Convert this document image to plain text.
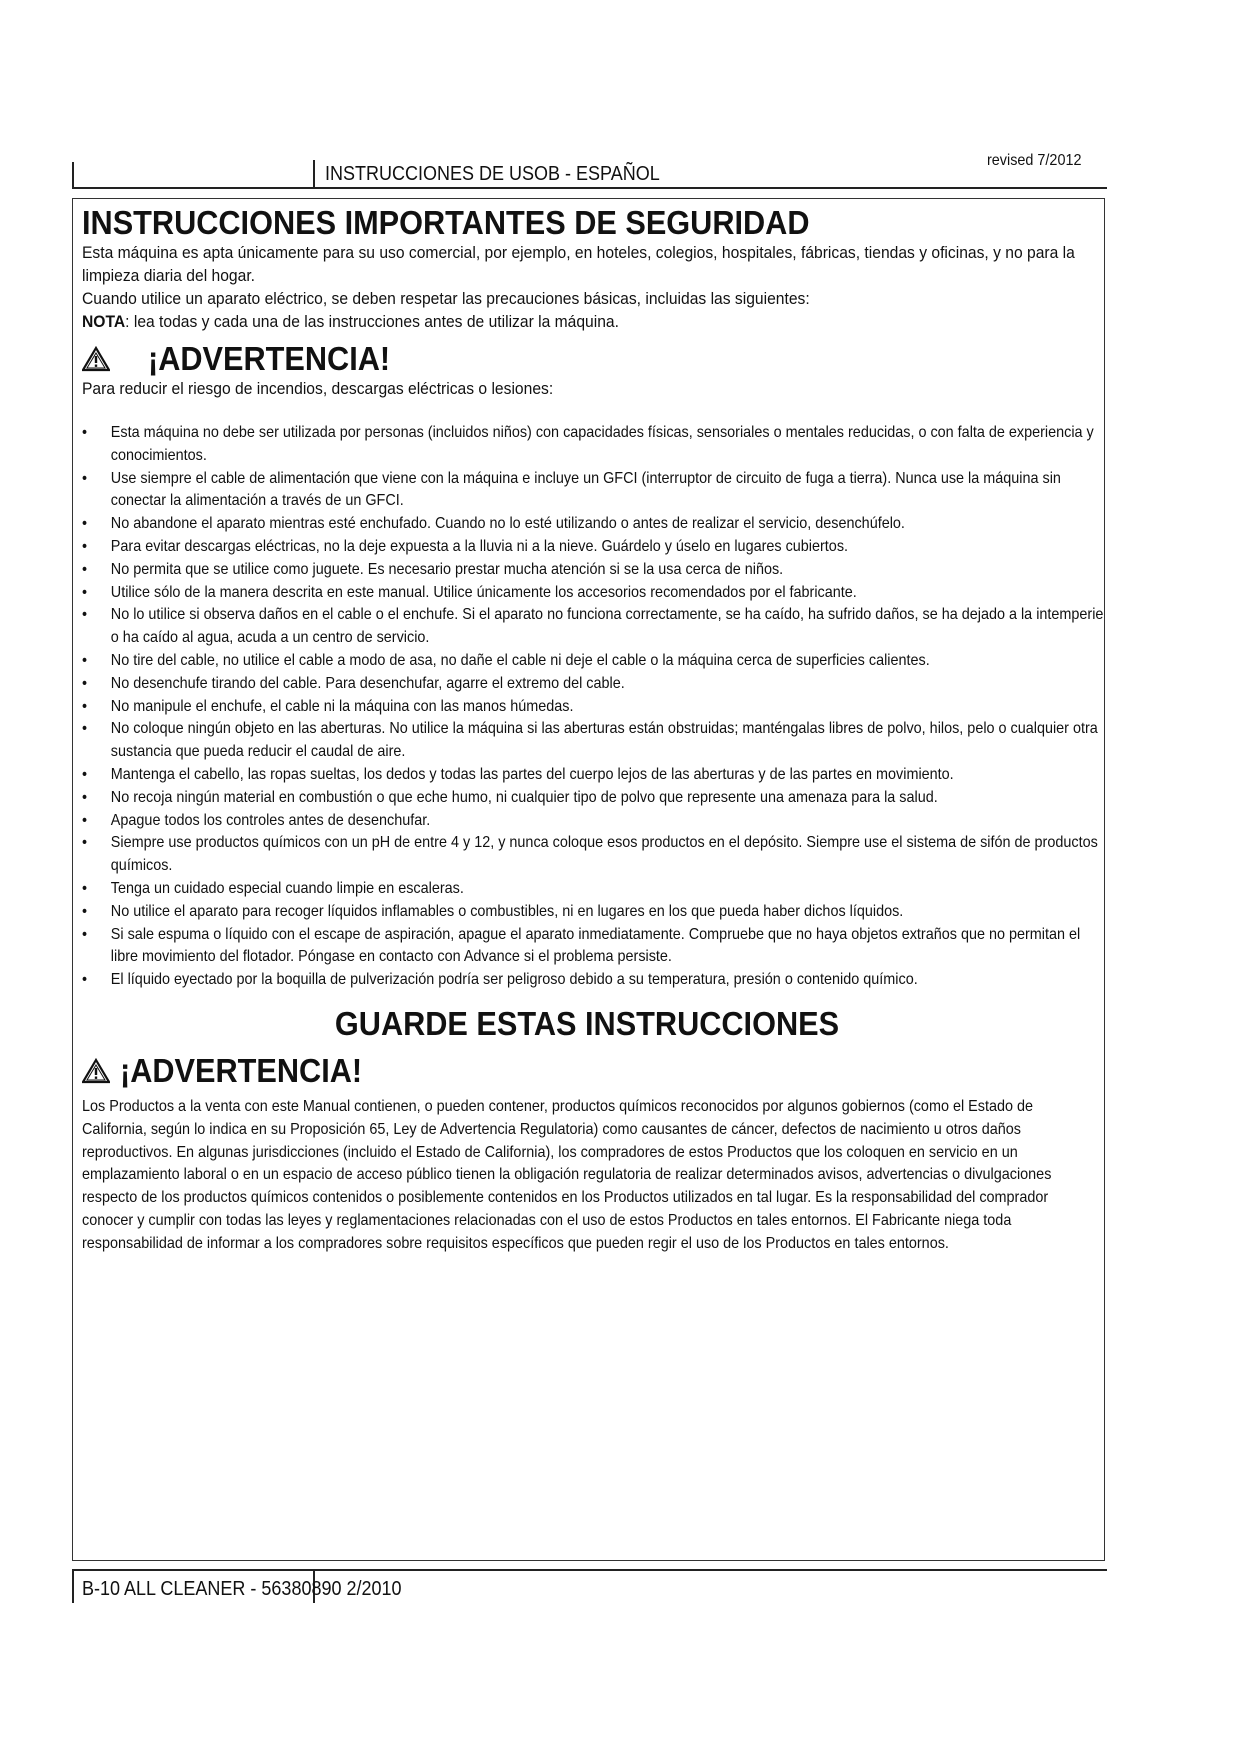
INSTRUCCIONES DE USOB - ESPAÑOL
revised 7/2012
INSTRUCCIONES IMPORTANTES DE SEGURIDAD

Esta máquina es apta únicamente para su uso comercial, por ejemplo, en hoteles, colegios, hospitales, fábricas, tiendas y oficinas, y no para la limpieza diaria del hogar.

Cuando utilice un aparato eléctrico, se deben respetar las precauciones básicas, incluidas las siguientes:

NOTA: lea todas y cada una de las instrucciones antes de utilizar la máquina.

¡ADVERTENCIA!

Para reducir el riesgo de incendios, descargas eléctricas o lesiones:

• Esta máquina no debe ser utilizada por personas (incluidos niños) con capacidades físicas, sensoriales o mentales reducidas, o con falta de experiencia y conocimientos.
• Use siempre el cable de alimentación que viene con la máquina e incluye un GFCI (interruptor de circuito de fuga a tierra). Nunca use la máquina sin conectar la alimentación a través de un GFCI.
• No abandone el aparato mientras esté enchufado. Cuando no lo esté utilizando o antes de realizar el servicio, desenchúfelo.
• Para evitar descargas eléctricas, no la deje expuesta a la lluvia ni a la nieve. Guárdelo y úselo en lugares cubiertos.
• No permita que se utilice como juguete. Es necesario prestar mucha atención si se la usa cerca de niños.
• Utilice sólo de la manera descrita en este manual. Utilice únicamente los accesorios recomendados por el fabricante.
• No lo utilice si observa daños en el cable o el enchufe. Si el aparato no funciona correctamente, se ha caído, ha sufrido daños, se ha dejado a la intemperie o ha caído al agua, acuda a un centro de servicio.
• No tire del cable, no utilice el cable a modo de asa, no dañe el cable ni deje el cable o la máquina cerca de superficies calientes.
• No desenchufe tirando del cable. Para desenchufar, agarre el extremo del cable.
• No manipule el enchufe, el cable ni la máquina con las manos húmedas.
• No coloque ningún objeto en las aberturas. No utilice la máquina si las aberturas están obstruidas; manténgalas libres de polvo, hilos, pelo o cualquier otra sustancia que pueda reducir el caudal de aire.
• Mantenga el cabello, las ropas sueltas, los dedos y todas las partes del cuerpo lejos de las aberturas y de las partes en movimiento.
• No recoja ningún material en combustión o que eche humo, ni cualquier tipo de polvo que represente una amenaza para la salud.
• Apague todos los controles antes de desenchufar.
• Siempre use productos químicos con un pH de entre 4 y 12, y nunca coloque esos productos en el depósito. Siempre use el sistema de sifón de productos químicos.
• Tenga un cuidado especial cuando limpie en escaleras.
• No utilice el aparato para recoger líquidos inflamables o combustibles, ni en lugares en los que pueda haber dichos líquidos.
• Si sale espuma o líquido con el escape de aspiración, apague el aparato inmediatamente. Compruebe que no haya objetos extraños que no permitan el libre movimiento del flotador. Póngase en contacto con Advance si el problema persiste.
• El líquido eyectado por la boquilla de pulverización podría ser peligroso debido a su temperatura, presión o contenido químico.
GUARDE ESTAS INSTRUCCIONES
¡ADVERTENCIA!

Los Productos a la venta con este Manual contienen, o pueden contener, productos químicos reconocidos por algunos gobiernos (como el Estado de California, según lo indica en su Proposición 65, Ley de Advertencia Regulatoria) como causantes de cáncer, defectos de nacimiento u otros daños reproductivos. En algunas jurisdicciones (incluido el Estado de California), los compradores de estos Productos que los coloquen en servicio en un emplazamiento laboral o en un espacio de acceso público tienen la obligación regulatoria de realizar determinados avisos, advertencias o divulgaciones respecto de los productos químicos contenidos o posiblemente contenidos en los Productos utilizados en tal lugar. Es la responsabilidad del comprador conocer y cumplir con todas las leyes y reglamentaciones relacionadas con el uso de estos Productos en tales entornos. El Fabricante niega toda responsabilidad de informar a los compradores sobre requisitos específicos que pueden regir el uso de los Productos en tales entornos.

B-10 ALL CLEANER - 56380890 2/2010
